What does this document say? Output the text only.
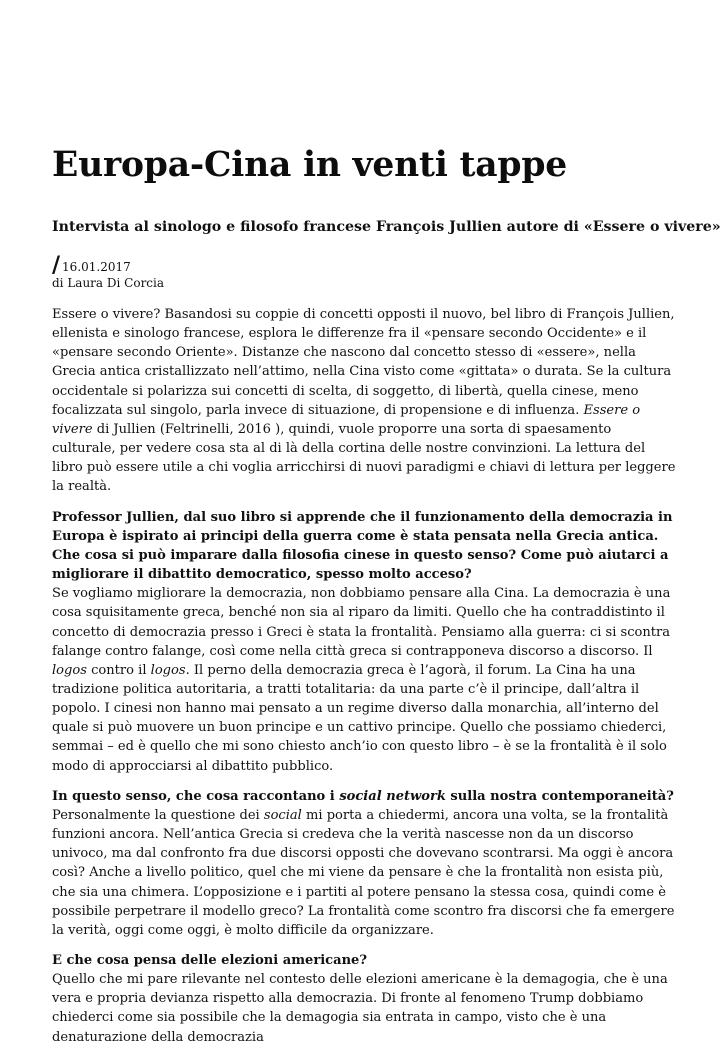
Europa-Cina in venti tappe
Intervista al sinologo e filosofo francese François Jullien autore di «Essere o vivere»
/ 16.01.2017
di Laura Di Corcia

Essere o vivere? Basandosi su coppie di concetti opposti il nuovo, bel libro di François Jullien, ellenista e sinologo francese, esplora le differenze fra il «pensare secondo Occidente» e il «pensare secondo Oriente». Distanze che nascono dal concetto stesso di «essere», nella Grecia antica cristallizzato nell’attimo, nella Cina visto come «gittata» o durata. Se la cultura occidentale si polarizza sui concetti di scelta, di soggetto, di libertà, quella cinese, meno focalizzata sul singolo, parla invece di situazione, di propensione e di influenza. Essere o vivere di Jullien (Feltrinelli, 2016 ), quindi, vuole proporre una sorta di spaesamento culturale, per vedere cosa sta al di là della cortina delle nostre convinzioni. La lettura del libro può essere utile a chi voglia arricchirsi di nuovi paradigmi e chiavi di lettura per leggere la realtà.

Professor Jullien, dal suo libro si apprende che il funzionamento della democrazia in Europa è ispirato ai principi della guerra come è stata pensata nella Grecia antica. Che cosa si può imparare dalla filosofia cinese in questo senso? Come può aiutarci a migliorare il dibattito democratico, spesso molto acceso?

Se vogliamo migliorare la democrazia, non dobbiamo pensare alla Cina. La democrazia è una cosa squisitamente greca, benché non sia al riparo da limiti. Quello che ha contraddistinto il concetto di democrazia presso i Greci è stata la frontalità. Pensiamo alla guerra: ci si scontra falange contro falange, così come nella città greca si contrapponeva discorso a discorso. Il logos contro il logos. Il perno della democrazia greca è l’agorà, il forum. La Cina ha una tradizione politica autoritaria, a tratti totalitaria: da una parte c’è il principe, dall’altra il popolo. I cinesi non hanno mai pensato a un regime diverso dalla monarchia, all’interno del quale si può muovere un buon principe e un cattivo principe. Quello che possiamo chiederci, semmai – ed è quello che mi sono chiesto anch’io con questo libro – è se la frontalità è il solo modo di approcciarsi al dibattito pubblico.

In questo senso, che cosa raccontano i social network sulla nostra contemporaneità?

Personalmente la questione dei social mi porta a chiedermi, ancora una volta, se la frontalità funzioni ancora. Nell’antica Grecia si credeva che la verità nascesse non da un discorso univoco, ma dal confronto fra due discorsi opposti che dovevano scontrarsi. Ma oggi è ancora così? Anche a livello politico, quel che mi viene da pensare è che la frontalità non esista più, che sia una chimera. L’opposizione e i partiti al potere pensano la stessa cosa, quindi come è possibile perpetrare il modello greco? La frontalità come scontro fra discorsi che fa emergere la verità, oggi come oggi, è molto difficile da organizzare.

E che cosa pensa delle elezioni americane?

Quello che mi pare rilevante nel contesto delle elezioni americane è la demagogia, che è una vera e propria devianza rispetto alla democrazia. Di fronte al fenomeno Trump dobbiamo chiederci come sia possibile che la demagogia sia entrata in campo, visto che è una denaturazione della democrazia
